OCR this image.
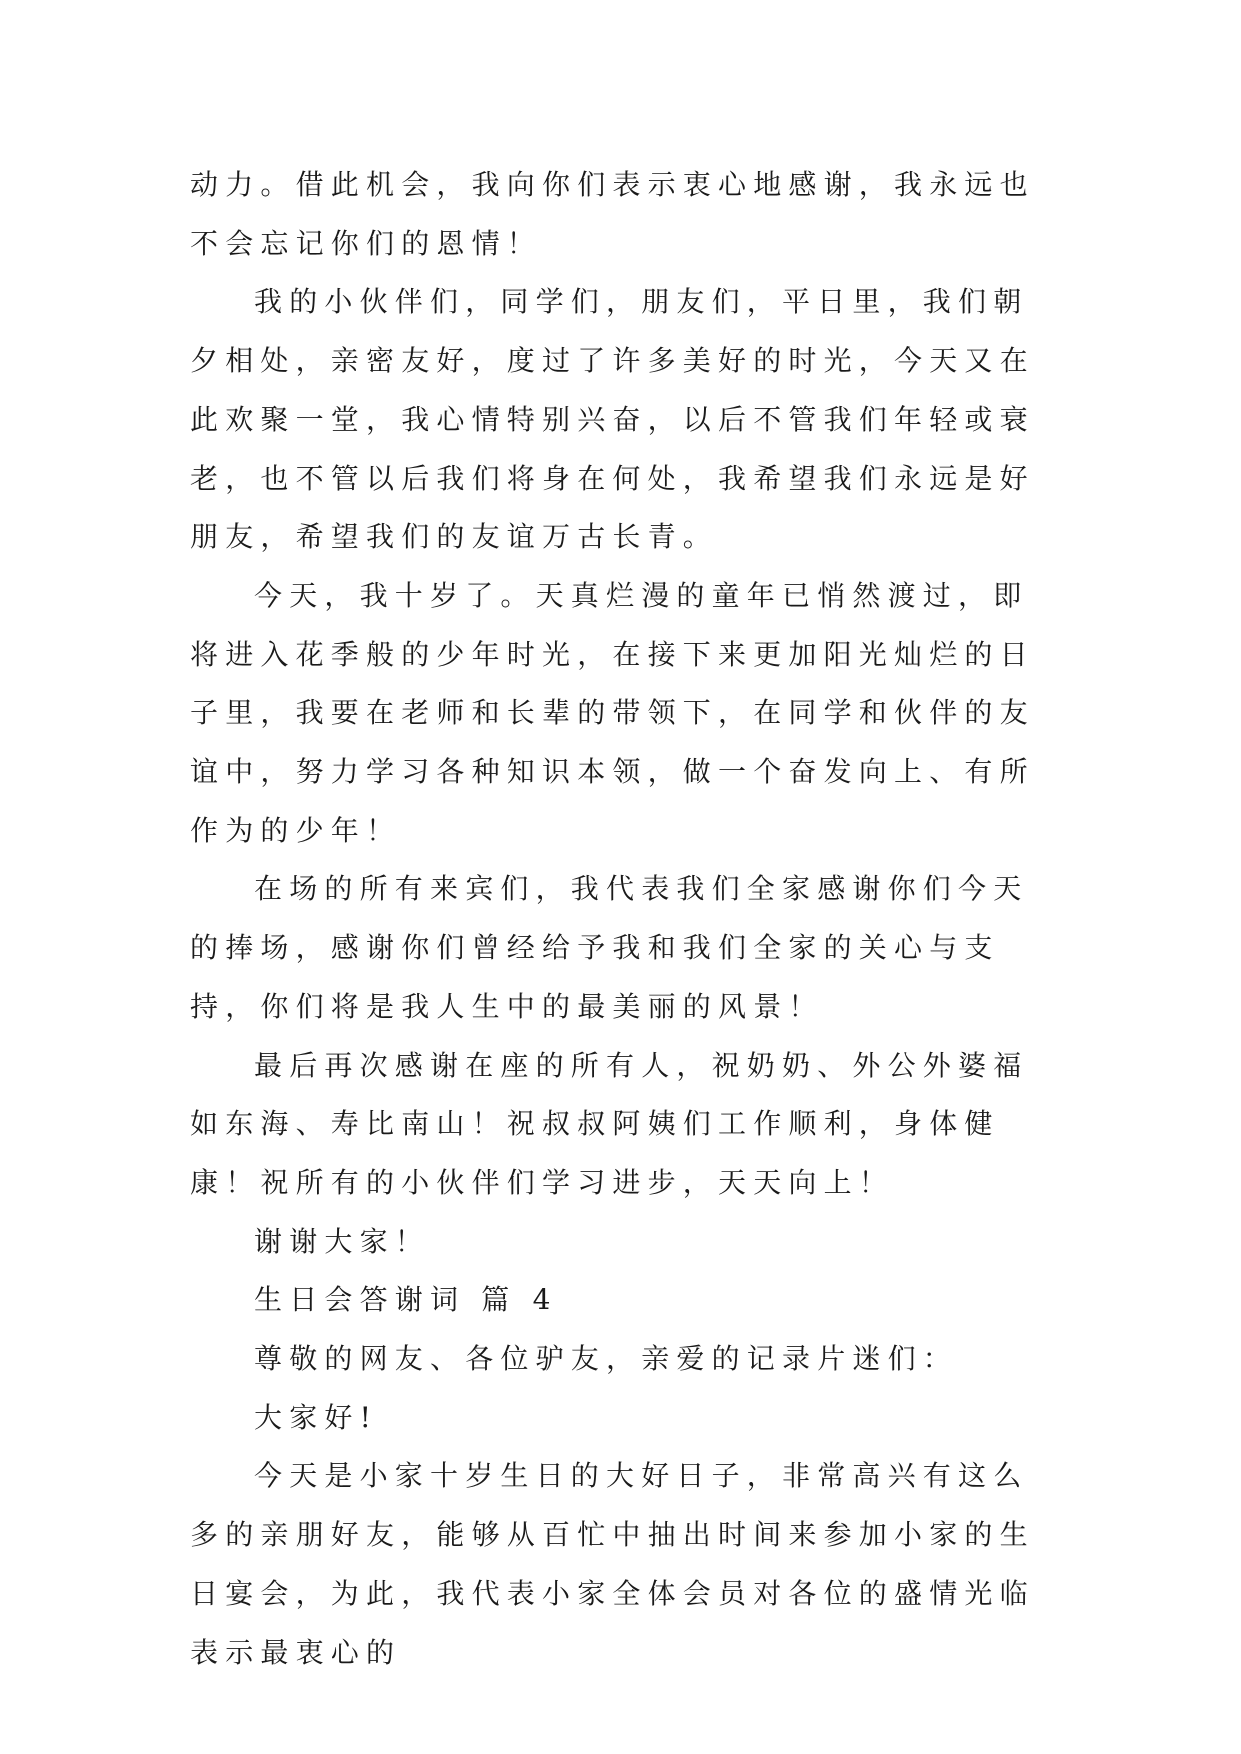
动力。借此机会，我向你们表示衷心地感谢，我永远也不会忘记你们的恩情！

我的小伙伴们，同学们，朋友们，平日里，我们朝夕相处，亲密友好，度过了许多美好的时光，今天又在此欢聚一堂，我心情特别兴奋，以后不管我们年轻或衰老，也不管以后我们将身在何处，我希望我们永远是好朋友，希望我们的友谊万古长青。

今天，我十岁了。天真烂漫的童年已悄然渡过，即将进入花季般的少年时光，在接下来更加阳光灿烂的日子里，我要在老师和长辈的带领下，在同学和伙伴的友谊中，努力学习各种知识本领，做一个奋发向上、有所作为的少年！

在场的所有来宾们，我代表我们全家感谢你们今天的捧场，感谢你们曾经给予我和我们全家的关心与支持，你们将是我人生中的最美丽的风景！

最后再次感谢在座的所有人，祝奶奶、外公外婆福如东海、寿比南山！祝叔叔阿姨们工作顺利，身体健康！祝所有的小伙伴们学习进步，天天向上！

谢谢大家！

生日会答谢词 篇 4

尊敬的网友、各位驴友，亲爱的记录片迷们：

大家好!

今天是小家十岁生日的大好日子，非常高兴有这么多的亲朋好友，能够从百忙中抽出时间来参加小家的生日宴会，为此，我代表小家全体会员对各位的盛情光临表示最衷心的
